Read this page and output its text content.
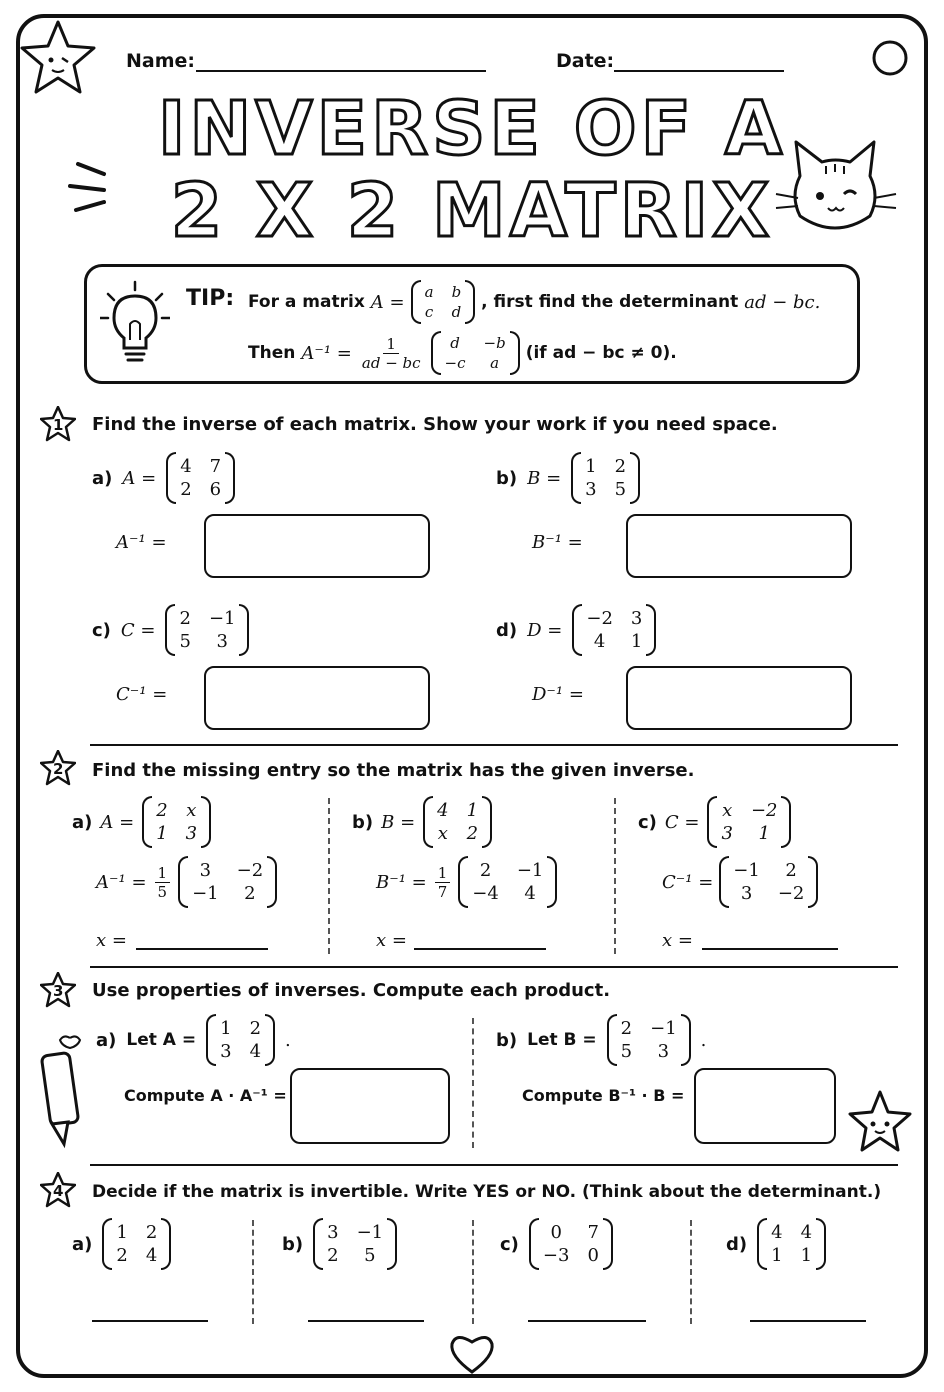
Name:	Date:
INVERSE OF A
2 X 2 MATRIX
TIP: For a matrix A = a b
c d , first find the determinant ad − bc.
Then $A^{-1} = \frac{1}{ad - bc}$	d	−b
−c	a	(if ad − bc ≠ 0).
1 Find the inverse of each matrix. Show your work if you need space.
a) A =
4 7
2 6
A⁻¹ =
b) B =
1 2
3 5
B⁻¹ =
c) C =
2 −1
5	3
C⁻¹ =
d) D =
−2 3
4	1
D⁻¹ =
2 Find the missing entry so the matrix has the given inverse.
a) A =
2 x
1 3
$A^{-1} = \frac{1}{5}$	3	−2
−1	2
x =
b) B =
4 1
x 2
$B^{-1} = \frac{1}{7}$	2	−1
−4	4
x =
c) C =
x −2
3	1
C⁻¹ =
−1	2
3	−2
x =
3 Use properties of inverses. Compute each product.
a) Let A =
1 2
3 4
.
Compute A · A⁻¹ =
b) Let B =
2 −1
5	3
.
Compute B⁻¹ · B =
4 Decide if the matrix is invertible. Write YES or NO. (Think about the determinant.)
a)
1 2
2 4
b)
3 −1
2	5
c)
0	7
−3 0
d)
4 4
1 1
